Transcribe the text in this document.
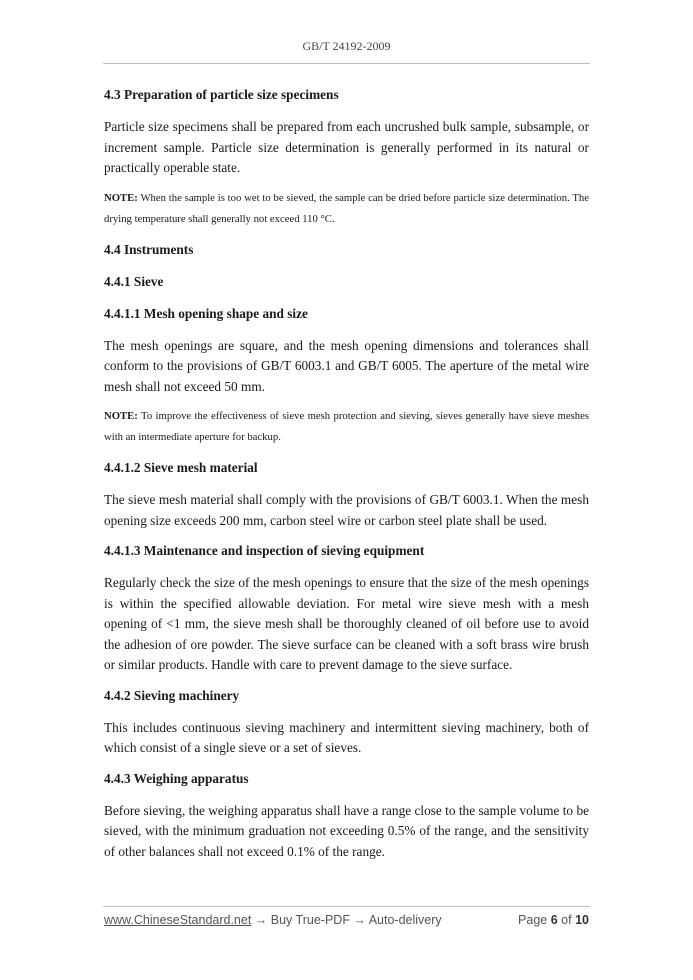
GB/T 24192-2009
4.3 Preparation of particle size specimens
Particle size specimens shall be prepared from each uncrushed bulk sample, subsample, or increment sample. Particle size determination is generally performed in its natural or practically operable state.
NOTE: When the sample is too wet to be sieved, the sample can be dried before particle size determination. The drying temperature shall generally not exceed 110 °C.
4.4 Instruments
4.4.1 Sieve
4.4.1.1 Mesh opening shape and size
The mesh openings are square, and the mesh opening dimensions and tolerances shall conform to the provisions of GB/T 6003.1 and GB/T 6005. The aperture of the metal wire mesh shall not exceed 50 mm.
NOTE: To improve the effectiveness of sieve mesh protection and sieving, sieves generally have sieve meshes with an intermediate aperture for backup.
4.4.1.2 Sieve mesh material
The sieve mesh material shall comply with the provisions of GB/T 6003.1. When the mesh opening size exceeds 200 mm, carbon steel wire or carbon steel plate shall be used.
4.4.1.3 Maintenance and inspection of sieving equipment
Regularly check the size of the mesh openings to ensure that the size of the mesh openings is within the specified allowable deviation. For metal wire sieve mesh with a mesh opening of <1 mm, the sieve mesh shall be thoroughly cleaned of oil before use to avoid the adhesion of ore powder. The sieve surface can be cleaned with a soft brass wire brush or similar products. Handle with care to prevent damage to the sieve surface.
4.4.2 Sieving machinery
This includes continuous sieving machinery and intermittent sieving machinery, both of which consist of a single sieve or a set of sieves.
4.4.3 Weighing apparatus
Before sieving, the weighing apparatus shall have a range close to the sample volume to be sieved, with the minimum graduation not exceeding 0.5% of the range, and the sensitivity of other balances shall not exceed 0.1% of the range.
www.ChineseStandard.net → Buy True-PDF → Auto-delivery	Page 6 of 10
